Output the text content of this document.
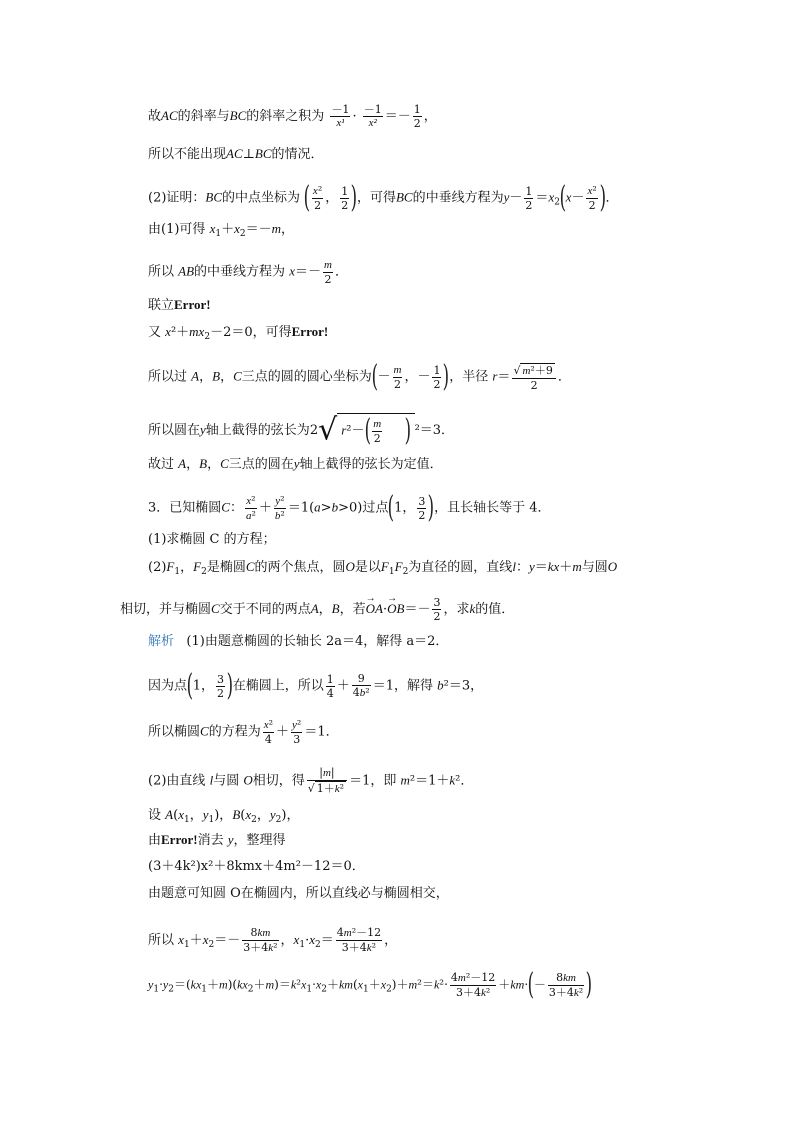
故AC的斜率与BC的斜率之积为 $\frac{-1}{\text{x¹}} \cdot \frac{-1}{\text{x²}} =- \frac{1}{2}$ ，
所以不能出现AC⊥BC的情况．
(2)证明：BC的中点坐标为 ( $\frac{\text{x²}}{2}$ ， $\frac{1}{2}$ )，可得BC的中垂线方程为$y- \frac{1}{2} =x_2(x- \frac{\text{x²}}{2}$ )．
由(1)可得 $x_1+x_2=-m$，
所以 AB的中垂线方程为 $x=- \frac{m}{2}$ ．
联立Error!
又 $x^2+mx_2-2=0$，可得Error!
所以过 A，B，C三点的圆的圆心坐标为(－ $\frac{m}{2}$ ，－ $\frac{1}{2}$ )，半径 $r= \frac{\text{√ m²＋9}}{2}$ ．
所以圆在y轴上截得的弦长为2√ $r^2-( \frac{m}{2}$ ) ²＝3．
故过 A，B，C三点的圆在y轴上截得的弦长为定值．
3．已知椭圆C： $\frac{\text{x²}}{\text{a²}} + \frac{\text{y²}}{\text{b²}} =1(a>b>0)$过点(1， $\frac{3}{2}$ )，且长轴长等于 4．
(1)求椭圆 C 的方程；
$(2)F_1$，$F_2$是椭圆C的两个焦点，圆O是以$F_1F_2$为直径的圆，直线l：y＝kx＋m与圆O
相切，并与椭圆C交于不同的两点A，B，若→ $OA\cdot\to OB=- \frac{3}{2}$ ，求k的值．
解析 (1)由题意椭圆的长轴长 2a＝4，解得 a＝2．
因为点(1， $\frac{3}{2}$ )在椭圆上，所以 $\frac{1}{4} + \frac{9}{\text{4b²}} =1$，解得 b²＝3，
所以椭圆C的方程为 $\frac{\text{x²}}{4} + \frac{\text{y²}}{3} =1$．
(2)由直线 l与圆 O相切，得 $\frac{|m|}{\text{√ 1＋k²}} =1$，即 m²＝1＋k²．
设 $A(x_1$，$y_1$)，$B(x_2$，$y_2$)，
由Error!消去 y，整理得
(3＋4k²)x²＋8kmx＋4m²－12＝0．
由题意可知圆 O在椭圆内，所以直线必与椭圆相交，
所以 $x_1+x_2=- \frac{8km}{\text{3＋4k²}}$ ，$x_1\cdot x_2= \frac{\text{4m²－12}}{\text{3＋4k²}}$ ，
$y_1\cdot y_2=(kx_1+m)(kx_2+m)=k^2x_1\cdot x_2+km(x_1+x_2)+m^2=k^2\cdot \frac{\text{4m²－12}}{\text{3＋4k²}} +km\cdot(- \frac{8km}{\text{3＋4k²}}$ )
